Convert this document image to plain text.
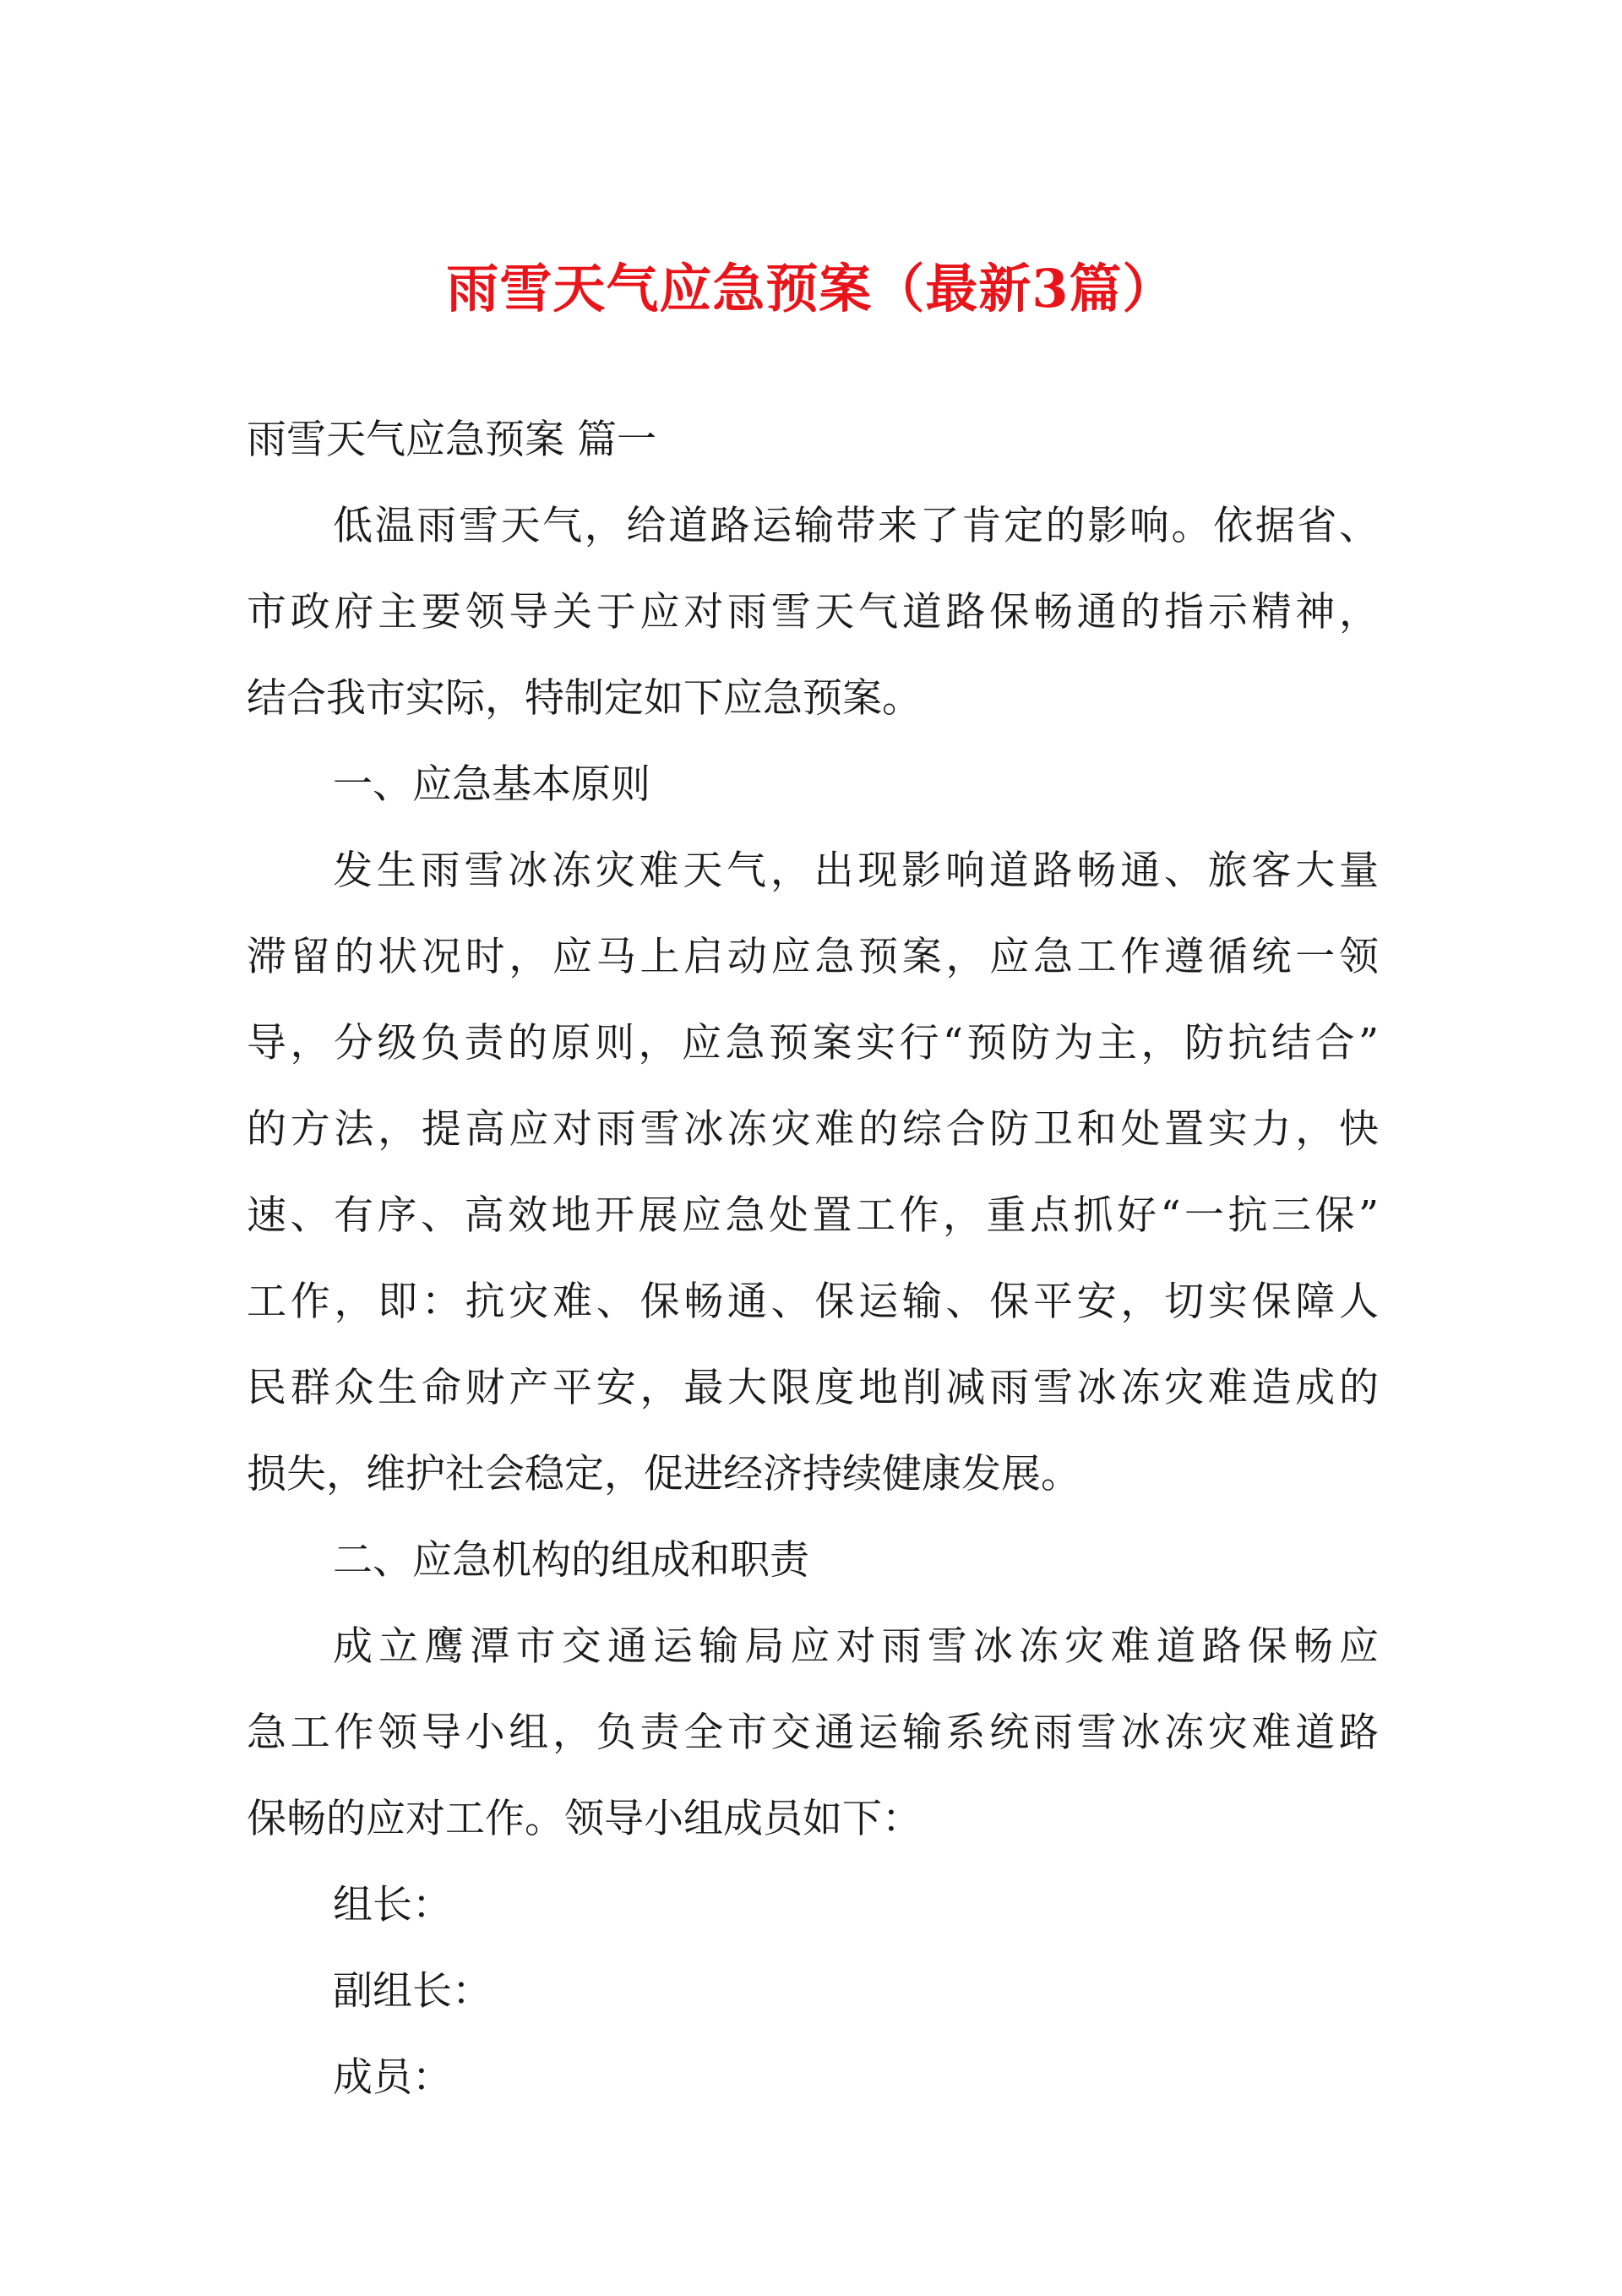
雨雪天气应急预案（最新3篇）
雨雪天气应急预案 篇一
低温雨雪天气，给道路运输带来了肯定的影响。依据省、
市政府主要领导关于应对雨雪天气道路保畅通的指示精神，
结合我市实际，特制定如下应急预案。
一、应急基本原则
发生雨雪冰冻灾难天气，出现影响道路畅通、旅客大量
滞留的状况时，应马上启动应急预案，应急工作遵循统一领
导，分级负责的原则，应急预案实行“预防为主，防抗结合”
的方法，提高应对雨雪冰冻灾难的综合防卫和处置实力，快
速、有序、高效地开展应急处置工作，重点抓好“一抗三保”
工作，即：抗灾难、保畅通、保运输、保平安，切实保障人
民群众生命财产平安，最大限度地削减雨雪冰冻灾难造成的
损失，维护社会稳定，促进经济持续健康发展。
二、应急机构的组成和职责
成立鹰潭市交通运输局应对雨雪冰冻灾难道路保畅应
急工作领导小组，负责全市交通运输系统雨雪冰冻灾难道路
保畅的应对工作。领导小组成员如下：
组长：
副组长：
成员：
